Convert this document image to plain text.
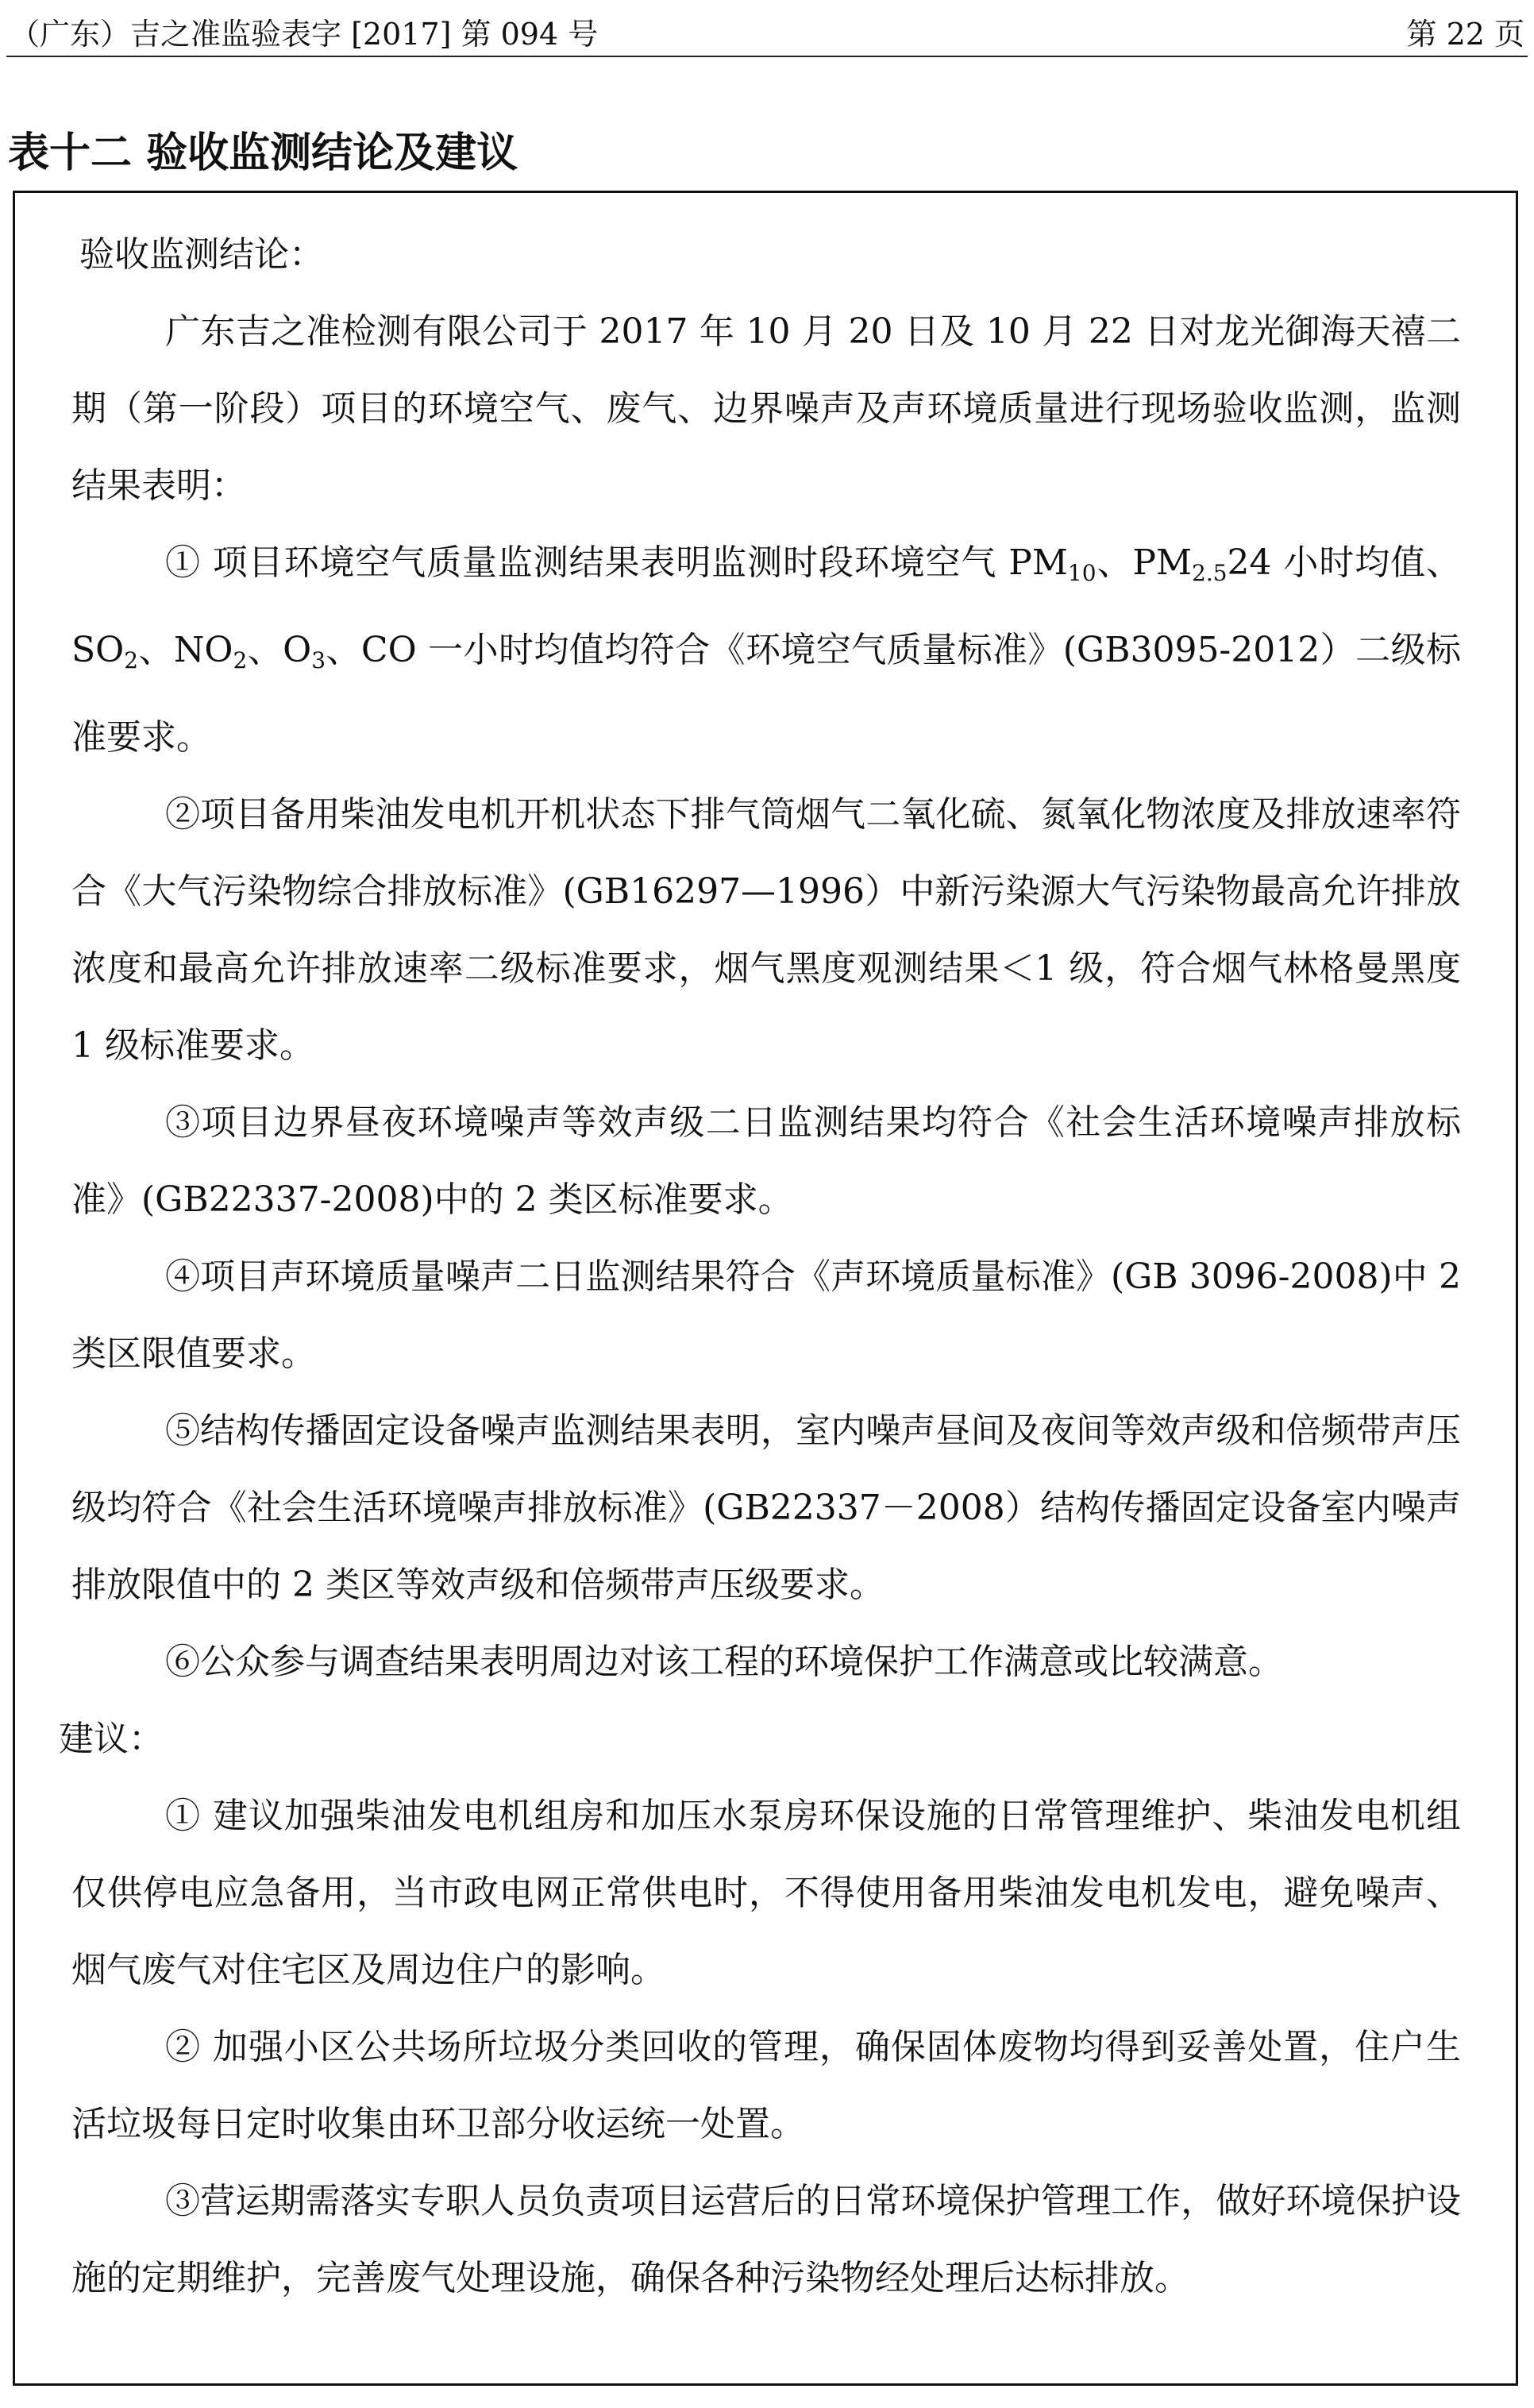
（广东）吉之准监验表字 [2017] 第 094 号	第 22 页
表十二 验收监测结论及建议

验收监测结论：

广东吉之准检测有限公司于 2017 年 10 月 20 日及 10 月 22 日对龙光御海天禧二期（第一阶段）项目的环境空气、废气、边界噪声及声环境质量进行现场验收监测，监测结果表明：

① 项目环境空气质量监测结果表明监测时段环境空气 $PM_{10}$、$PM_{2.5}24$ 小时均值、$SO_2$、$NO_2$、$O_3$、CO 一小时均值均符合《环境空气质量标准》(GB3095-2012）二级标准要求。

②项目备用柴油发电机开机状态下排气筒烟气二氧化硫、氮氧化物浓度及排放速率符合《大气污染物综合排放标准》(GB16297—1996）中新污染源大气污染物最高允许排放浓度和最高允许排放速率二级标准要求，烟气黑度观测结果＜1 级，符合烟气林格曼黑度 1 级标准要求。

③项目边界昼夜环境噪声等效声级二日监测结果均符合《社会生活环境噪声排放标准》(GB22337-2008)中的 2 类区标准要求。

④项目声环境质量噪声二日监测结果符合《声环境质量标准》(GB 3096-2008)中 2 类区限值要求。

⑤结构传播固定设备噪声监测结果表明，室内噪声昼间及夜间等效声级和倍频带声压级均符合《社会生活环境噪声排放标准》(GB22337－2008）结构传播固定设备室内噪声排放限值中的 2 类区等效声级和倍频带声压级要求。

⑥公众参与调查结果表明周边对该工程的环境保护工作满意或比较满意。

建议：

① 建议加强柴油发电机组房和加压水泵房环保设施的日常管理维护、柴油发电机组仅供停电应急备用，当市政电网正常供电时，不得使用备用柴油发电机发电，避免噪声、烟气废气对住宅区及周边住户的影响。

② 加强小区公共场所垃圾分类回收的管理，确保固体废物均得到妥善处置，住户生活垃圾每日定时收集由环卫部分收运统一处置。

③营运期需落实专职人员负责项目运营后的日常环境保护管理工作，做好环境保护设施的定期维护，完善废气处理设施，确保各种污染物经处理后达标排放。
